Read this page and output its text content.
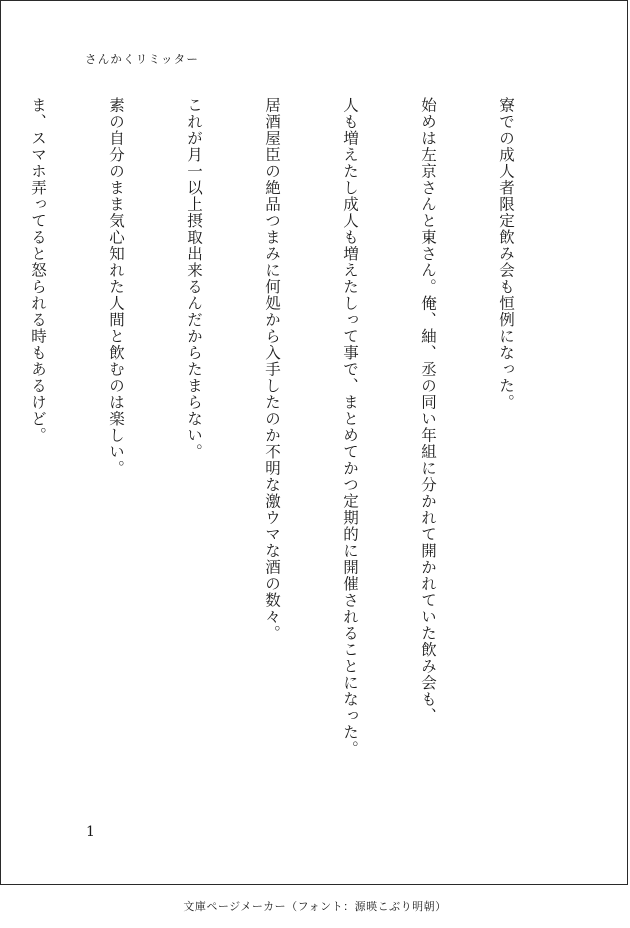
さんかくリミッター

寮での成人者限定飲み会も恒例になった。

始めは左京さんと東さん。俺、紬、丞の同い年組に分かれて開かれていた飲み会も、

人も増えたし成人も増えたしって事で、まとめてかつ定期的に開催されることになった。

居酒屋臣の絶品つまみに何処から入手したのか不明な激ウマな酒の数々。

これが月一以上摂取出来るんだからたまらない。

素の自分のまま気心知れた人間と飲むのは楽しい。

ま、スマホ弄ってると怒られる時もあるけど。

1
文庫ページメーカー（フォント：源暎こぶり明朝）
